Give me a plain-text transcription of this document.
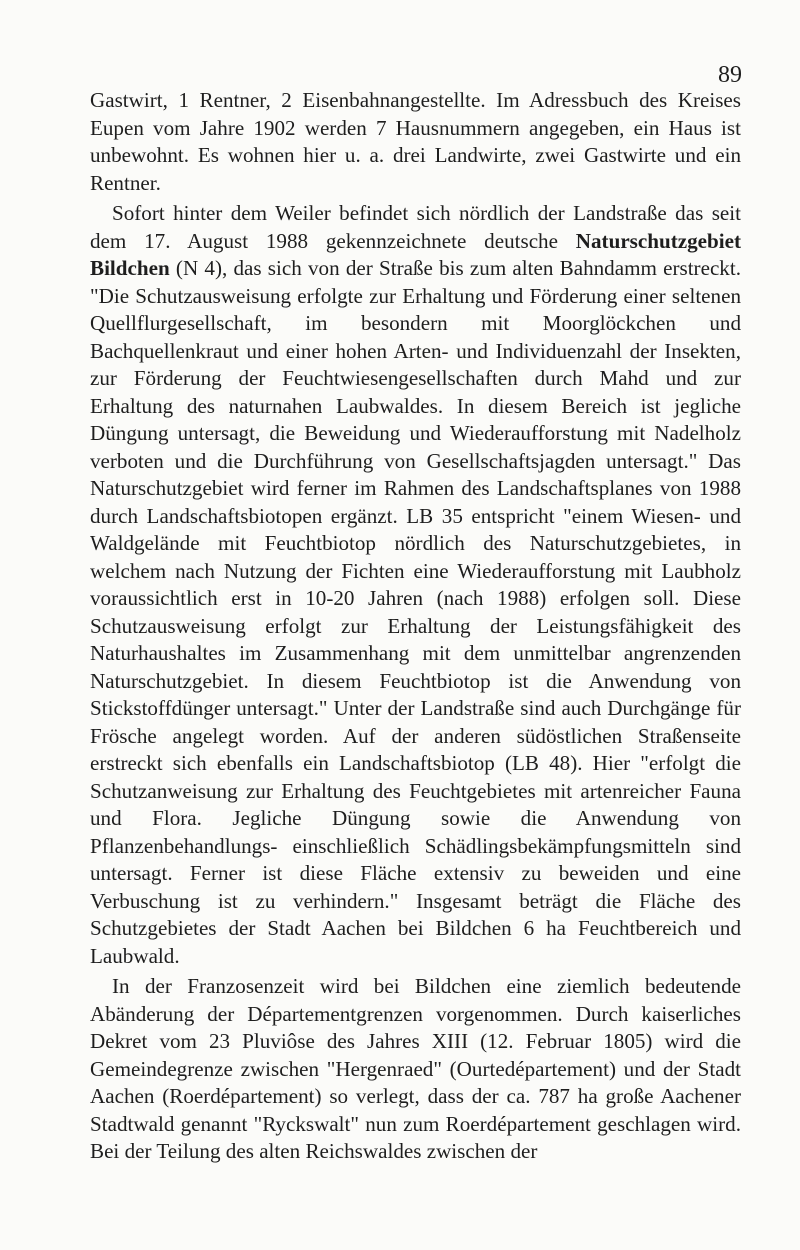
89

Gastwirt, 1 Rentner, 2 Eisenbahnangestellte. Im Adressbuch des Kreises Eupen vom Jahre 1902 werden 7 Hausnummern angegeben, ein Haus ist unbewohnt. Es wohnen hier u. a. drei Landwirte, zwei Gastwirte und ein Rentner.

Sofort hinter dem Weiler befindet sich nördlich der Landstraße das seit dem 17. August 1988 gekennzeichnete deutsche Naturschutzgebiet Bildchen (N 4), das sich von der Straße bis zum alten Bahndamm erstreckt. "Die Schutzausweisung erfolgte zur Erhaltung und Förderung einer seltenen Quellflurgesellschaft, im besondern mit Moorglöckchen und Bachquellenkraut und einer hohen Arten- und Individuenzahl der Insekten, zur Förderung der Feuchtwiesengesellschaften durch Mahd und zur Erhaltung des naturnahen Laubwaldes. In diesem Bereich ist jegliche Düngung untersagt, die Beweidung und Wiederaufforstung mit Nadelholz verboten und die Durchführung von Gesellschaftsjagden untersagt." Das Naturschutzgebiet wird ferner im Rahmen des Landschaftsplanes von 1988 durch Landschaftsbiotopen ergänzt. LB 35 entspricht "einem Wiesen- und Waldgelände mit Feuchtbiotop nördlich des Naturschutzgebietes, in welchem nach Nutzung der Fichten eine Wiederaufforstung mit Laubholz voraussichtlich erst in 10-20 Jahren (nach 1988) erfolgen soll. Diese Schutzausweisung erfolgt zur Erhaltung der Leistungsfähigkeit des Naturhaushaltes im Zusammenhang mit dem unmittelbar angrenzenden Naturschutzgebiet. In diesem Feuchtbiotop ist die Anwendung von Stickstoffdünger untersagt." Unter der Landstraße sind auch Durchgänge für Frösche angelegt worden. Auf der anderen südöstlichen Straßenseite erstreckt sich ebenfalls ein Landschaftsbiotop (LB 48). Hier "erfolgt die Schutzanweisung zur Erhaltung des Feuchtgebietes mit artenreicher Fauna und Flora. Jegliche Düngung sowie die Anwendung von Pflanzenbehandlungs- einschließlich Schädlingsbekämpfungsmitteln sind untersagt. Ferner ist diese Fläche extensiv zu beweiden und eine Verbuschung ist zu verhindern." Insgesamt beträgt die Fläche des Schutzgebietes der Stadt Aachen bei Bildchen 6 ha Feuchtbereich und Laubwald.

In der Franzosenzeit wird bei Bildchen eine ziemlich bedeutende Abänderung der Départementgrenzen vorgenommen. Durch kaiserliches Dekret vom 23 Pluviôse des Jahres XIII (12. Februar 1805) wird die Gemeindegrenze zwischen "Hergenraed" (Ourtedépartement) und der Stadt Aachen (Roerdépartement) so verlegt, dass der ca. 787 ha große Aachener Stadtwald genannt "Ryckswalt" nun zum Roerdépartement geschlagen wird. Bei der Teilung des alten Reichswaldes zwischen der
